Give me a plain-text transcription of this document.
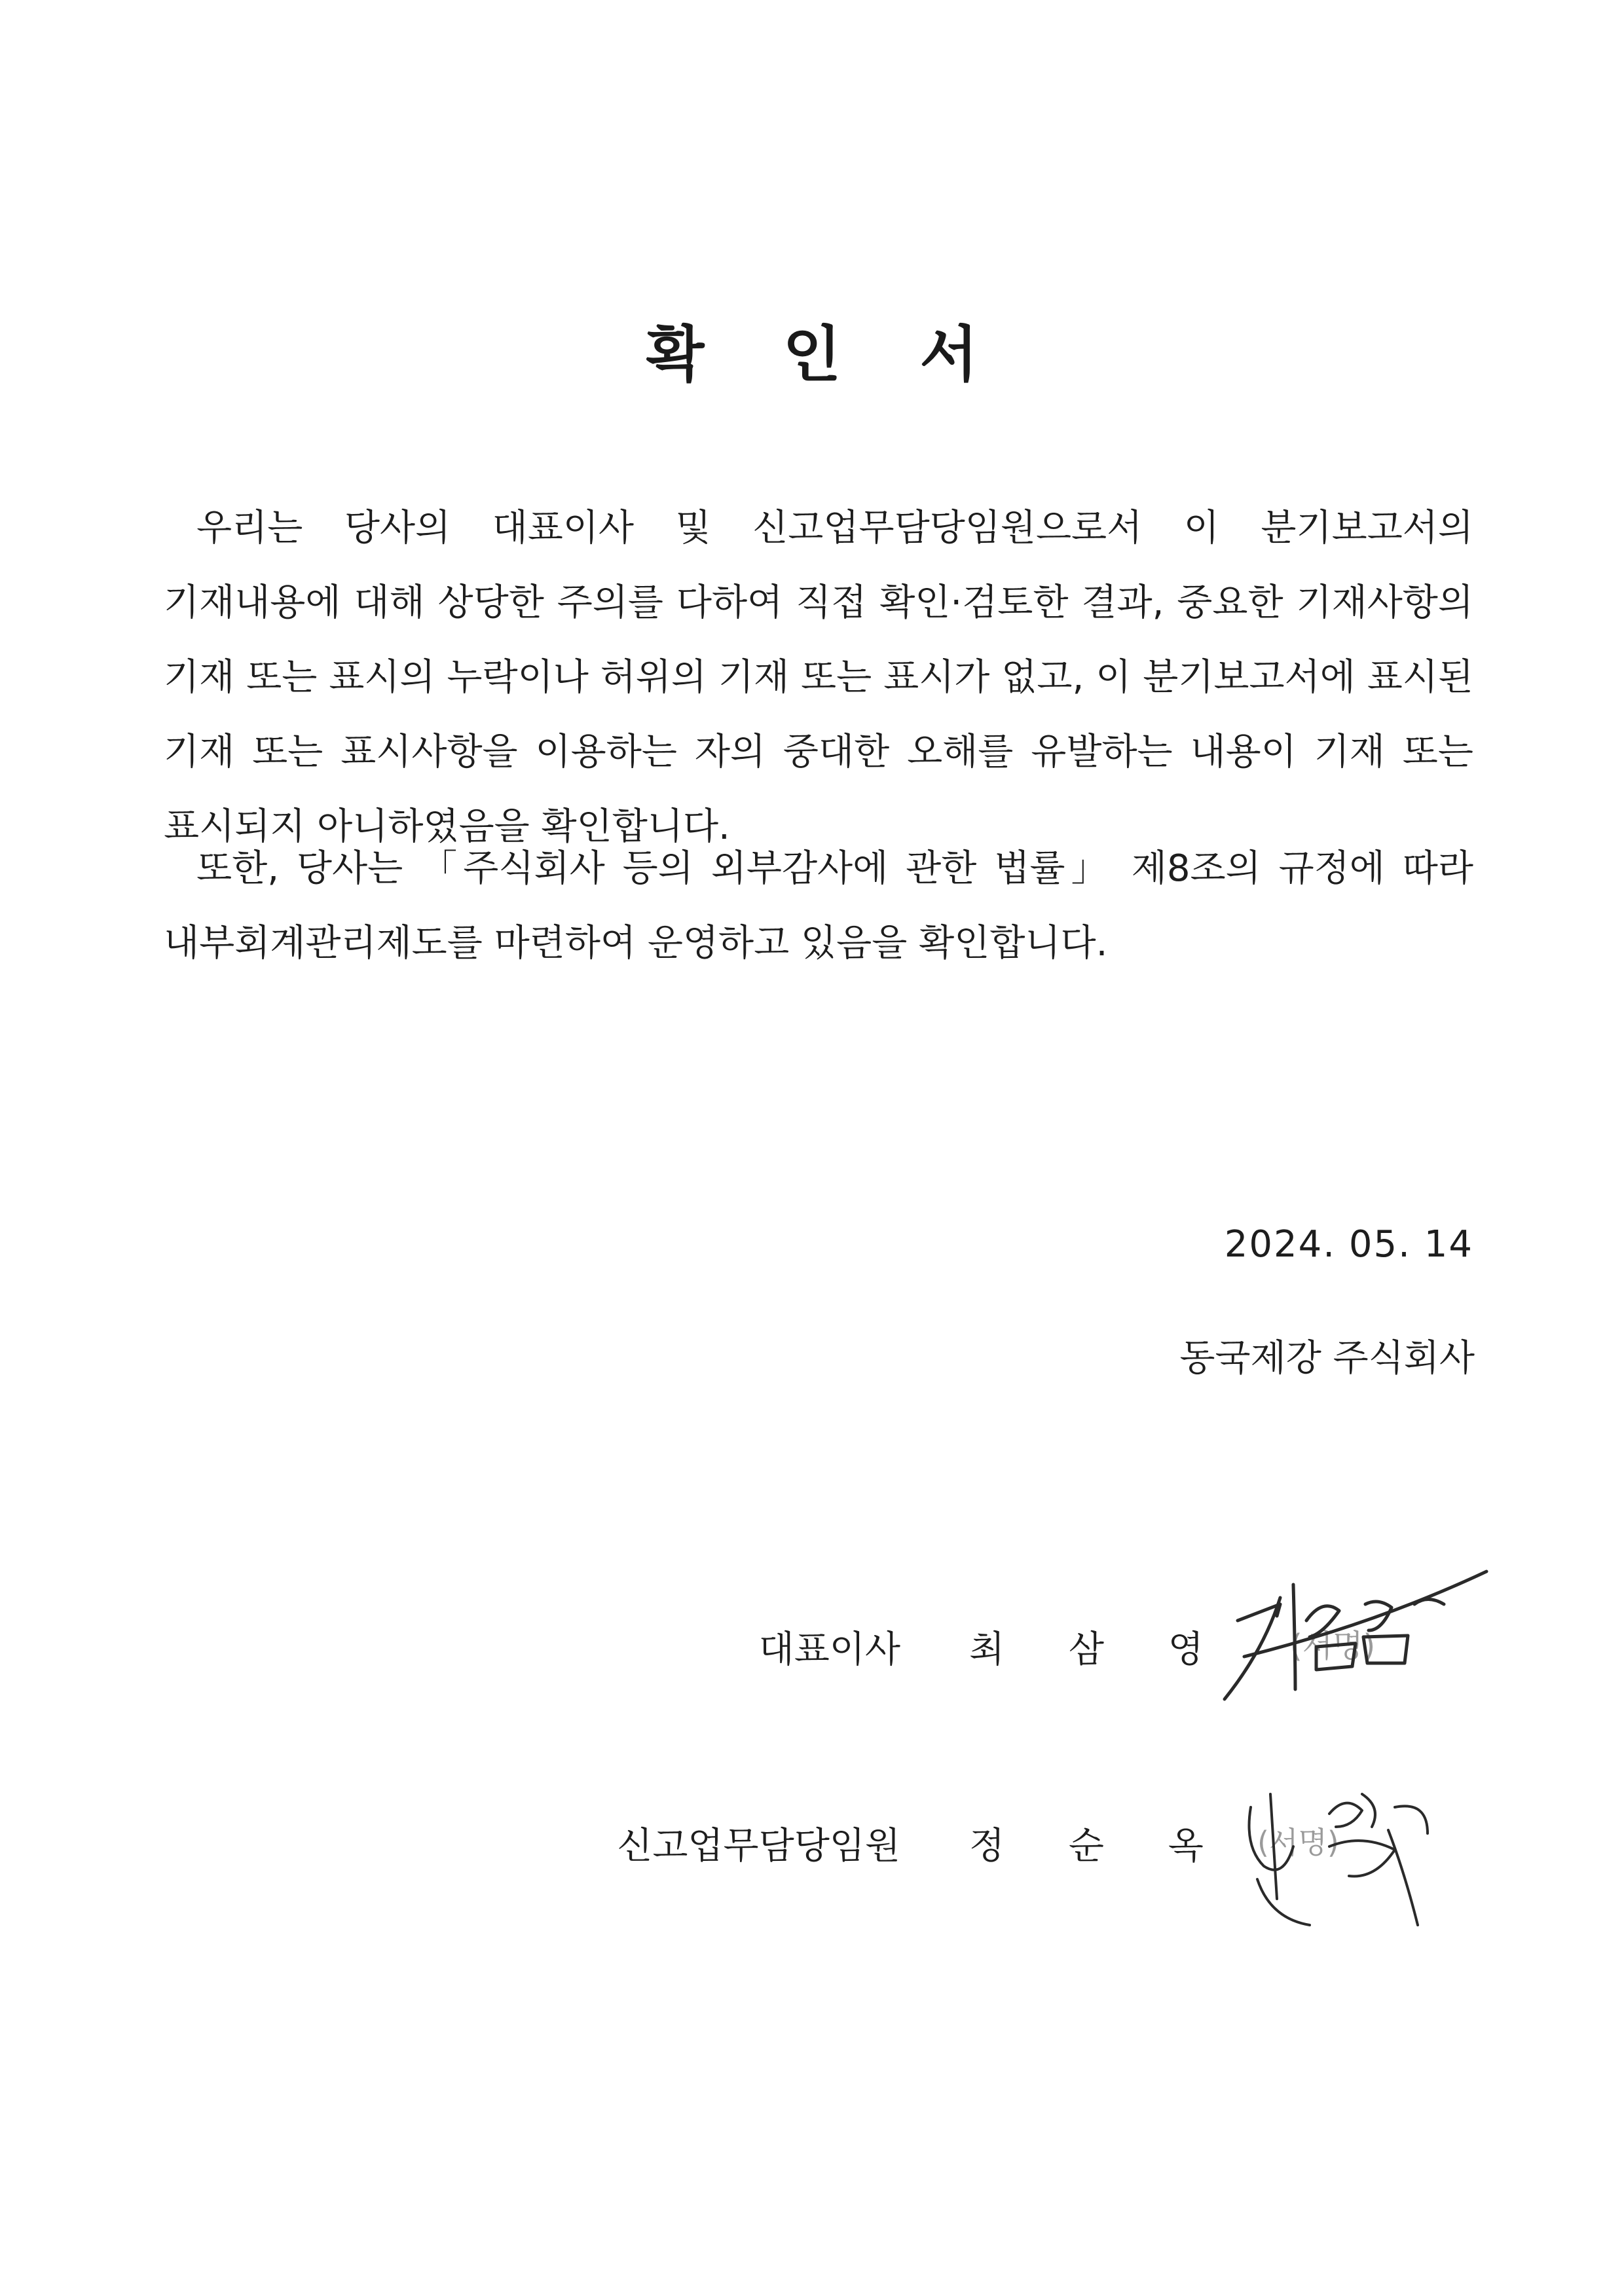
확 인 서
우리는 당사의 대표이사 및 신고업무담당임원으로서 이 분기보고서의 기재내용에 대해 상당한 주의를 다하여 직접 확인·검토한 결과, 중요한 기재사항의 기재 또는 표시의 누락이나 허위의 기재 또는 표시가 없고, 이 분기보고서에 표시된 기재 또는 표시사항을 이용하는 자의 중대한 오해를 유발하는 내용이 기재 또는 표시되지 아니하였음을 확인합니다.
또한, 당사는 「주식회사 등의 외부감사에 관한 법률」 제8조의 규정에 따라 내부회계관리제도를 마련하여 운영하고 있음을 확인합니다.
2024. 05. 14
동국제강 주식회사
대표이사 최 삼 영 (서명)
신고업무담당임원 정 순 옥 (서명)
